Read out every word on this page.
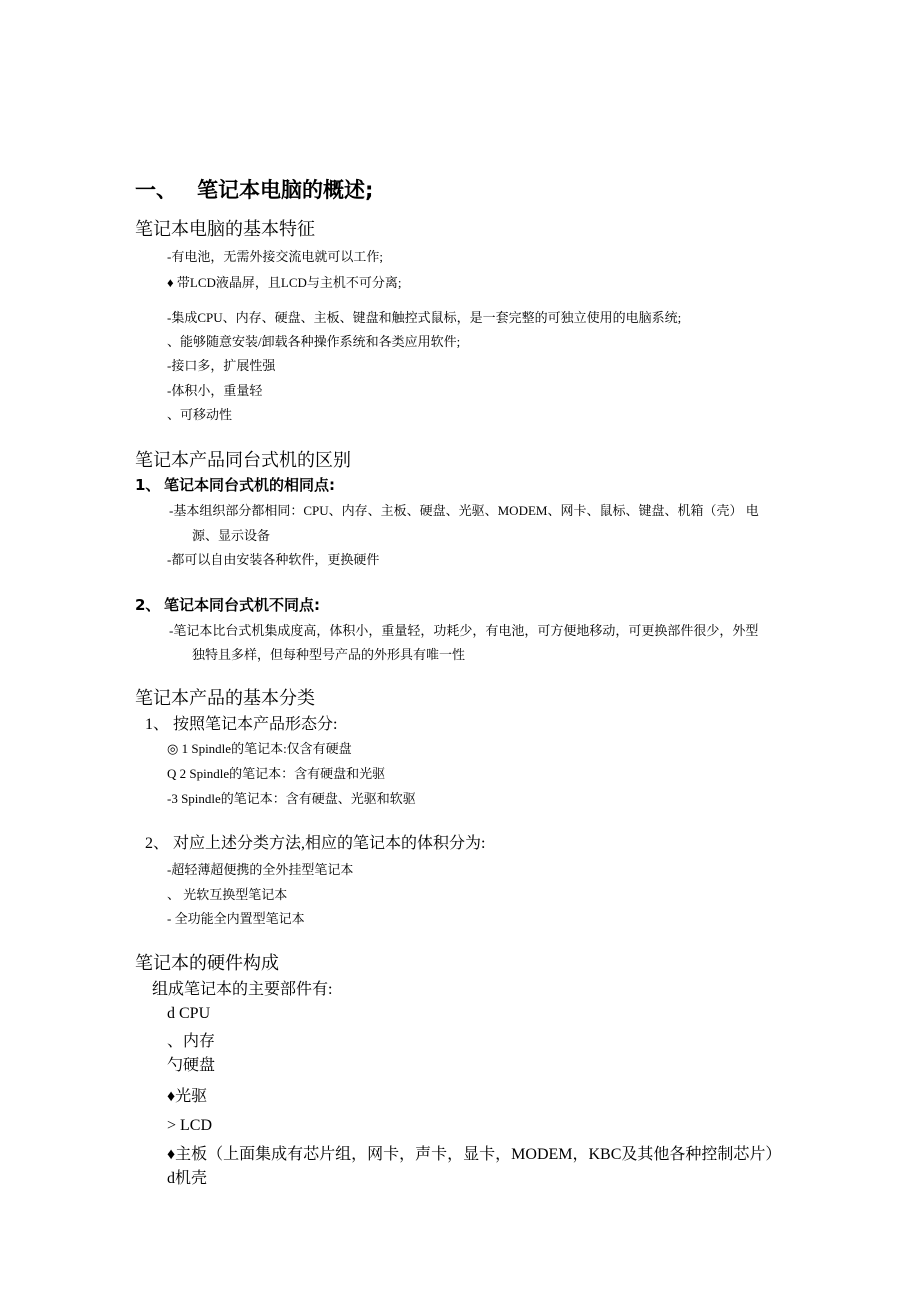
一、 笔记本电脑的概述;
笔记本电脑的基本特征
-有电池，无需外接交流电就可以工作;
♦ 带LCD液晶屏，且LCD与主机不可分离;
-集成CPU、内存、硬盘、主板、键盘和触控式鼠标，是一套完整的可独立使用的电脑系统;
、能够随意安装/卸载各种操作系统和各类应用软件;
-接口多，扩展性强
-体积小，重量轻
、可移动性
笔记本产品同台式机的区别
1、 笔记本同台式机的相同点:
-基本组织部分都相同：CPU、内存、主板、硬盘、光驱、MODEM、网卡、鼠标、键盘、机箱（壳） 电
源、显示设备
-都可以自由安装各种软件，更换硬件
2、 笔记本同台式机不同点:
-笔记本比台式机集成度高，体积小，重量轻，功耗少，有电池，可方便地移动，可更换部件很少，外型
独特且多样，但每种型号产品的外形具有唯一性
笔记本产品的基本分类
1、 按照笔记本产品形态分:
◎ 1 Spindle的笔记本:仅含有硬盘
Q 2 Spindle的笔记本：含有硬盘和光驱
-3 Spindle的笔记本：含有硬盘、光驱和软驱
2、 对应上述分类方法,相应的笔记本的体积分为:
-超轻薄超便携的全外挂型笔记本
、 光软互换型笔记本
- 全功能全内置型笔记本
笔记本的硬件构成
组成笔记本的主要部件有:
d CPU
、内存
勺硬盘
♦光驱
> LCD
♦主板（上面集成有芯片组，网卡，声卡，显卡，MODEM，KBC及其他各种控制芯片）
d机壳
